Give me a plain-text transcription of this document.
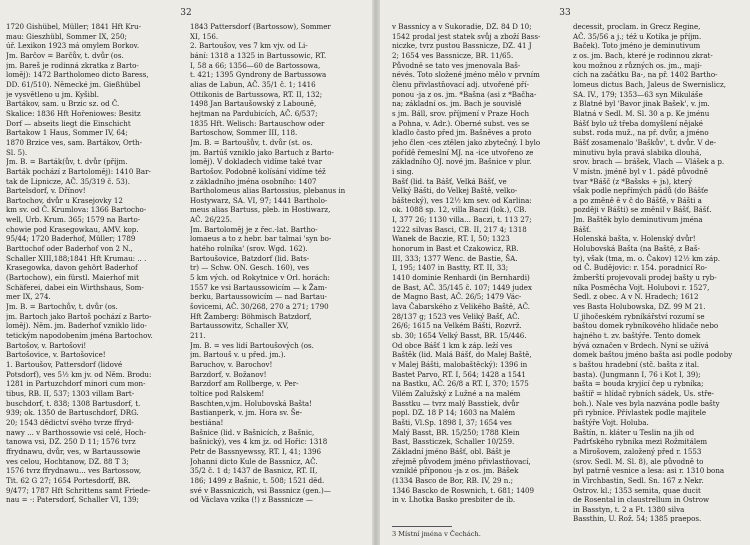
32

1720 Gishübel, Müller; 1841 Hft Kru-

mau: Gieszhübl, Sommer IX, 250;

úř. Lexikon 1923 má omylem Borkov.

Jm. Barčov = Barčův, t. dvůr (os.

jm. Bareš je rodinná zkratka z Barto-

loměj): 1472 Bartholomeo dicto Baress,

DD. 61/510). Německé jm. Gießhübel

je vysvětleno u jm. Kyšibl.

Bartákov, sam. u Brzic sz. od Č.

Skalice: 1836 Hft Hořeniowes: Besitz

Dorf — abseits liegt die Einschicht

Bartakow 1 Haus, Sommer IV, 64;

1870 Brzice ves, sam. Bartákov, Orth-

Sl. 5).

Jm. B. = Barták(ův, t. dvůr (příjm.

Barták pochází z Bartoloměj): 1410 Bar-

tak de Lipnicze, AČ. 35/319 č. 53).

Bartelsdorf, v. Dřínov!

Bartochov, dvůr u Krasejovky 12

km sv. od Č. Krumlova: 1366 Bartocho-

well, Urb. Krum. 365; 1579 na Barto-

chowie pod Krasegowkau, AMV. kop.

95/44; 1720 Baderhof, Müller; 1789

Barttochof oder Baderhof von 2 N.,

Schaller XIII,188;1841 Hft Krumau: .. .

Krasegowka, davon gehört Baderhof

(Bartochow), ein fürstl. Maierhof mit

Schäferei, dabei ein Wirthshaus, Som-

mer IX, 274.

Jm. B. = Bartochův, t. dvůr (os.

jm. Bartoch jako Bartoš pochází z Barto-

loměj). Něm. jm. Baderhof vzniklo lido-

tetickým napodobením jména Bartochov.

Bartošov, v. Bartošovi!

Bartošovice, v. Bartošovice!

1. Bartoušov, Pattersdorf (lidové

Potsdorf), ves 5½ km jv. od Něm. Brodu:

1281 in Partuzchdorf minori cum mon-

tibus, RB. II, 537; 1303 villam Bart-

buschdorf, t. 838; 1308 Bartusdorf, t.

939; ok. 1350 de Bartuschdorf, DRG.

20; 1543 dědictví svého tvrze ffryd-

nawy ... v Barthossowie vsi celé, Hoch-

tanowa vsi, DZ. 250 D 11; 1576 tvrz

ffrydnawu, dvůr, ves, w Bartaussowie

ves celou, Hochtanow, DZ. 88 T 3;

1576 tvrz ffrydnawu... ves Bartossow,

Tit. 62 G 27; 1654 Portesdorff, BR.

9/477; 1787 Hft Schrittens samt Friede-

nau = ·: Patersdorf, Schaller VI, 139;

1843 Pattersdorf (Bartossow), Sommer

XI, 156.

2. Bartoušov, ves 7 km vjv. od Li-

bání: 1318 a 1325 in Bartussowic, RT.

I, 58 a 66; 1356—60 de Bartossowa,

t. 421; 1395 Gyndrony de Bartussowa

alias de Labun, AČ. 35/1 č. 1; 1416

Ottikonis de Bartussowa, RT. II, 132;

1498 Jan Bartaušowský z Labouně,

hejtman na Pardubicích, AČ. 6/537;

1835 Hft. Welisch: Bartauschow oder

Bartoschow, Sommer III, 118.

Jm. B. = Bartoušův, t. dvůr (st. os.

jm. Bartúš vzniklo jako Bartuch z Barto-

loměj). V dokladech vidíme také tvar

Bartošov. Podobně kolísání vidíme též

z základního jména osobního: 1407

Bartholomeus alias Bartossius, plebanus in

Hostywarz, SA. VI, 97; 1441 Bartholo-

meus alias Bartuss, pleb. in Hostiwarz,

AČ. 26/225.

Jm. Bartoloměj je z řec.-lat. Bartho-

lomaeus a to z hebr. bar talmai 'syn bo-

hatého rolníka' (srov. Wgd. 162).

Bartoušovice, Batzdorf (lid. Bats-

tr) — Schw. ON. Gesch. 160), ves

5 km vých. od Rokytnice v Orl. horách:

1557 ke vsi Bartaussowicím — k Žam-

berku, Bartaussowicím — nad Bartau-

šovicemi, AČ. 30/268, 270 a 271; 1790

Hft Žamberg: Böhmisch Batzdorf,

Bartaussowitz, Schaller XV,

211.

Jm. B. = ves lidí Bartoušových (os.

jm. Bartouš v. u před. jm.).

Baruchov, v. Barochov!

Barzdorf, v. Božanov!

Barzdorf am Rollberge, v. Per-

toltice pod Ralskem!

Baschten,v.jm. Holubovská Bašta!

Bastianperk, v. jm. Hora sv. Še-

bestiána!

Bašnice (lid. v Bašnicích, z Bašnic,

bašnický), ves 4 km jz. od Hořic: 1318

Petr de Bassnyewssy, RT. I, 41; 1396

Johanni dicto Kule de Bassnicz, AČ.

35/2 č. 1 d; 1437 de Basnicz, RT. II,

186; 1499 z Bašnic, t. 508; 1521 děd.

své v Bassniczich, vsi Bassnicz (gen.)—

od Václava vzika (!) z Bassnicze —

33

v Bassnicy a v Sukoradie, DZ. 84 D 10;

1542 prodal jest statek svůj a zboží Bass-

niczke, tvrz pustou Bassnicze, DZ. 41 J

2; 1654 ves Bassnicze, BR. 11/65.

Původně se tato ves jmenovala Baš-

névés. Toto složené jméno mělo v prvním

členu přivlastňovací adj. utvořené pří-

ponou -ja z os. jm. *Bašna (asi z *Bačha-

na; základní os. jm. Bach je souvislé

s jm. Báll, srov. příjmení v Praze Hoch

a Pohna, v. Adr.). Oberné subst. ves se

kladlo často před jm. Bašněves a proto

jeho člen -ces ztělen jako zbytečný. I bylo

pořídě řemeslní MJ. na -ice utvořeno ze

základního OJ. nové jm. Bašnice v plur.

i sing.

Bašť (lid. ta Bášť, Velká Bášť, ve

Velký Bášti, do Velkej Baště, velko-

báštecký), ves 12½ km sev. od Karlina:

ok. 1088 sp. 12, villa Baczi (lok.), CB.

I, 377 26; 1130 villa... Baczi, t. 113 27;

1222 silvas Basci, CB. II, 217 4; 1318

Wanek de Baczie, RT. I, 50; 1323

honorum in Bast et Czakowicz, RB.

III, 333; 1377 Wenc. de Bastie, ŠA.

I, 195; 1407 in Bastty, RT. II, 33;

1410 dominie Renhardi (in Bernhardi)

de Bast, AČ. 35/145 č. 107; 1449 judex

de Magno Bast, AČ. 26/5; 1479 Vác-

lava Čabarského z Velikého Baště, AČ.

28/137 g; 1523 ves Veliký Bašť, AČ.

26/6; 1615 na Velkém Bášti, Rozvrž.

sb. 30; 1654 Velký Basst, BR. 15/446.

Od obce Bášť 1 km k záp. leží ves

Baštěk (lid. Malá Bášť, do Malej Baště,

v Malej Bášti, malobaštěcký): 1396 in

Bastet Parvo, RT. I, 564; 1428 a 1541

na Bastku, AČ. 26/8 a RT. I, 370; 1575

Vilém Zalužský z Lužné a na malém

Basstku — tvrz malý Basstiek, dvůr

popl. DZ. 18 P 14; 1603 na Malém

Bašti, Vl.Sp. 1898 I, 37; 1654 ves

Malý Basst, BR. 15/250; 1788 Klein

Bast, Bassticzek, Schaller 10/259.

Základní jméno Bášť, obl. Bášt je

zřejmě původem jméno přivlastňovací,

vzniklé příponou -jь z os. jm. Bášek

(1334 Basco de Bor, RB. IV, 29 n.;

1346 Bascko de Roswnich, t. 681; 1409

in v. Lhotka Basko presbiter de ib.

decessit, proclam. in Grecz Regine,

AČ. 35/56 a j.; též u Kotíka je příjm.

Baček). Toto jméno je deminutivum

z os. jm. Bach, které je rodinnou zkrat-

kou možnou z různých os. jm., mají-

cích na začátku Ba-, na př. 1402 Bartho-

lomeus dictus Bach, Jaleus de Swernislicz,

SA. IV., 179; 1353—63 syn Mikuláše

z Blatné byl 'Bavor jinak Bašek', v. jm.

Blatná v Sedl. M. Sl. 30 a p. Ke jménu

Bášť bylo už třeba domyšlení nějaké

subst. roda muž., na př. dvůr, a jméno

Bášť zosamenalo 'Baškův', t. dvůr. V de-

minutivu byla pravá slabika dlouhá,

srov. brach — brášek, Vlach — Vlášek a p.

V místn. jméně byl v 1. pádě původně

tvar *Bášč (z *Bašsks + jь), který

však podle nepřímých pádů (do Bášťe

a po změně ě v č do Bášťě, v Bášti a

později v Bášti) se změnil v Bášť, Bášť.

Jm. Baštěk bylo deminutivum jména

Bášť.

Holenská bašta, v. Holenský dvůr!

Holubovská Bašta (na Baště, z Baš-

ty), však (tma, m. o. Čakov) 12½ km záp.

od Č. Budějovic: r. 154. poradnicí Ro-

žmberští projevovali prodej bašty u ryb-

níka Posměcha Vojt. Holubovi r. 1527,

Sedl. z obec. A v N. Hradech; 1612

ves Basta Holubowska, DZ. 99 M 21.

U jihočeském rybníkářství rozumí se

baštou domek rybníkového hlídače nebo

hajného t. zv. baštýře. Tento domek

bývá označen v Brdech. Nyní se užívá

domek baštou jméno bašta asi podle podoby

s baštou hradební (stč. bašta z ital.

basta). (Jungmann I, 76 i Kot I, 39);

bašta = bouda kryjící čep u rybníka;

baštíř = hlídač rybních sádek, Us. stře-

boh.). Nale ves byla nazvána podle bašty

při rybníce. Přívlastek podle majitele

baštýře Vojt. Holuba.

Baštín, n. kláter u Teslin na jih od

Padrťského rybníka mezi Rožmitálem

a Mirošovem, založený před r. 1553

(srov. Sedl. M. Sl. 8), ale původně to

byl patrně vesnice a lesa: asi r. 1310 bona

in Virchbastin, Sedl. Sn. 167 z Nekr.

Ostrov. kl.; 1353 semita, quae ducit

de Rosental in claustrellum in Ostrow

in Basstyn, t. 2 a Ft. 1380 silva

Bassthin, U. Rož. 54; 1385 praepos.

3 Místní jména v Čechách.
